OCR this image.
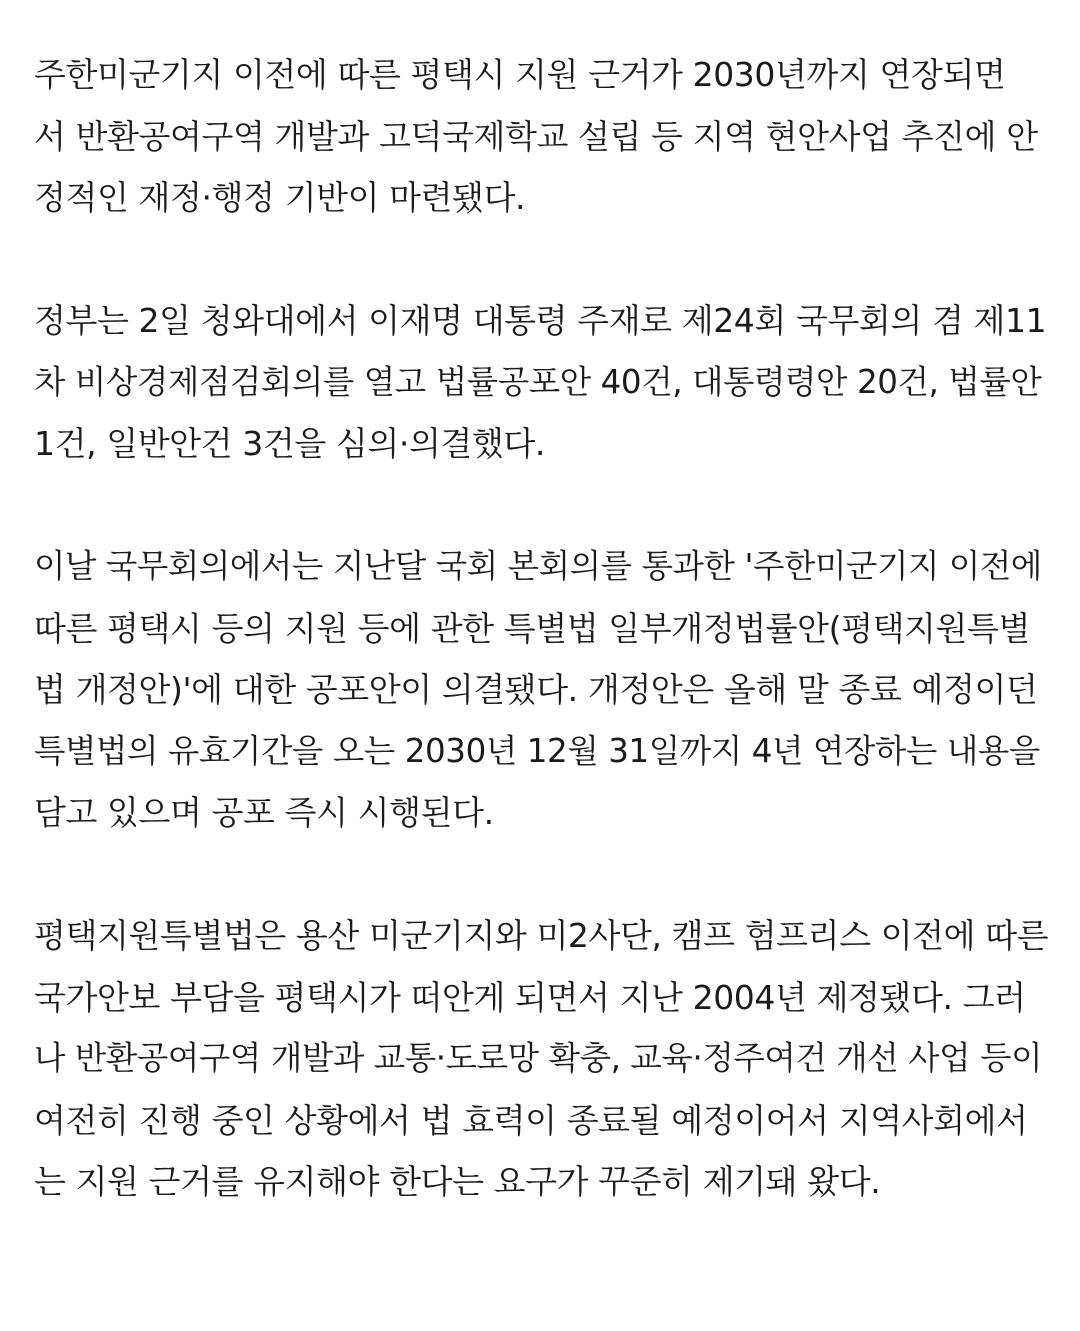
주한미군기지 이전에 따른 평택시 지원 근거가 2030년까지 연장되면
서 반환공여구역 개발과 고덕국제학교 설립 등 지역 현안사업 추진에 안
정적인 재정·행정 기반이 마련됐다.

정부는 2일 청와대에서 이재명 대통령 주재로 제24회 국무회의 겸 제11
차 비상경제점검회의를 열고 법률공포안 40건, 대통령령안 20건, 법률안
1건, 일반안건 3건을 심의·의결했다.

이날 국무회의에서는 지난달 국회 본회의를 통과한 '주한미군기지 이전에
따른 평택시 등의 지원 등에 관한 특별법 일부개정법률안(평택지원특별
법 개정안)'에 대한 공포안이 의결됐다. 개정안은 올해 말 종료 예정이던
특별법의 유효기간을 오는 2030년 12월 31일까지 4년 연장하는 내용을
담고 있으며 공포 즉시 시행된다.

평택지원특별법은 용산 미군기지와 미2사단, 캠프 험프리스 이전에 따른
국가안보 부담을 평택시가 떠안게 되면서 지난 2004년 제정됐다. 그러
나 반환공여구역 개발과 교통·도로망 확충, 교육·정주여건 개선 사업 등이
여전히 진행 중인 상황에서 법 효력이 종료될 예정이어서 지역사회에서
는 지원 근거를 유지해야 한다는 요구가 꾸준히 제기돼 왔다.
